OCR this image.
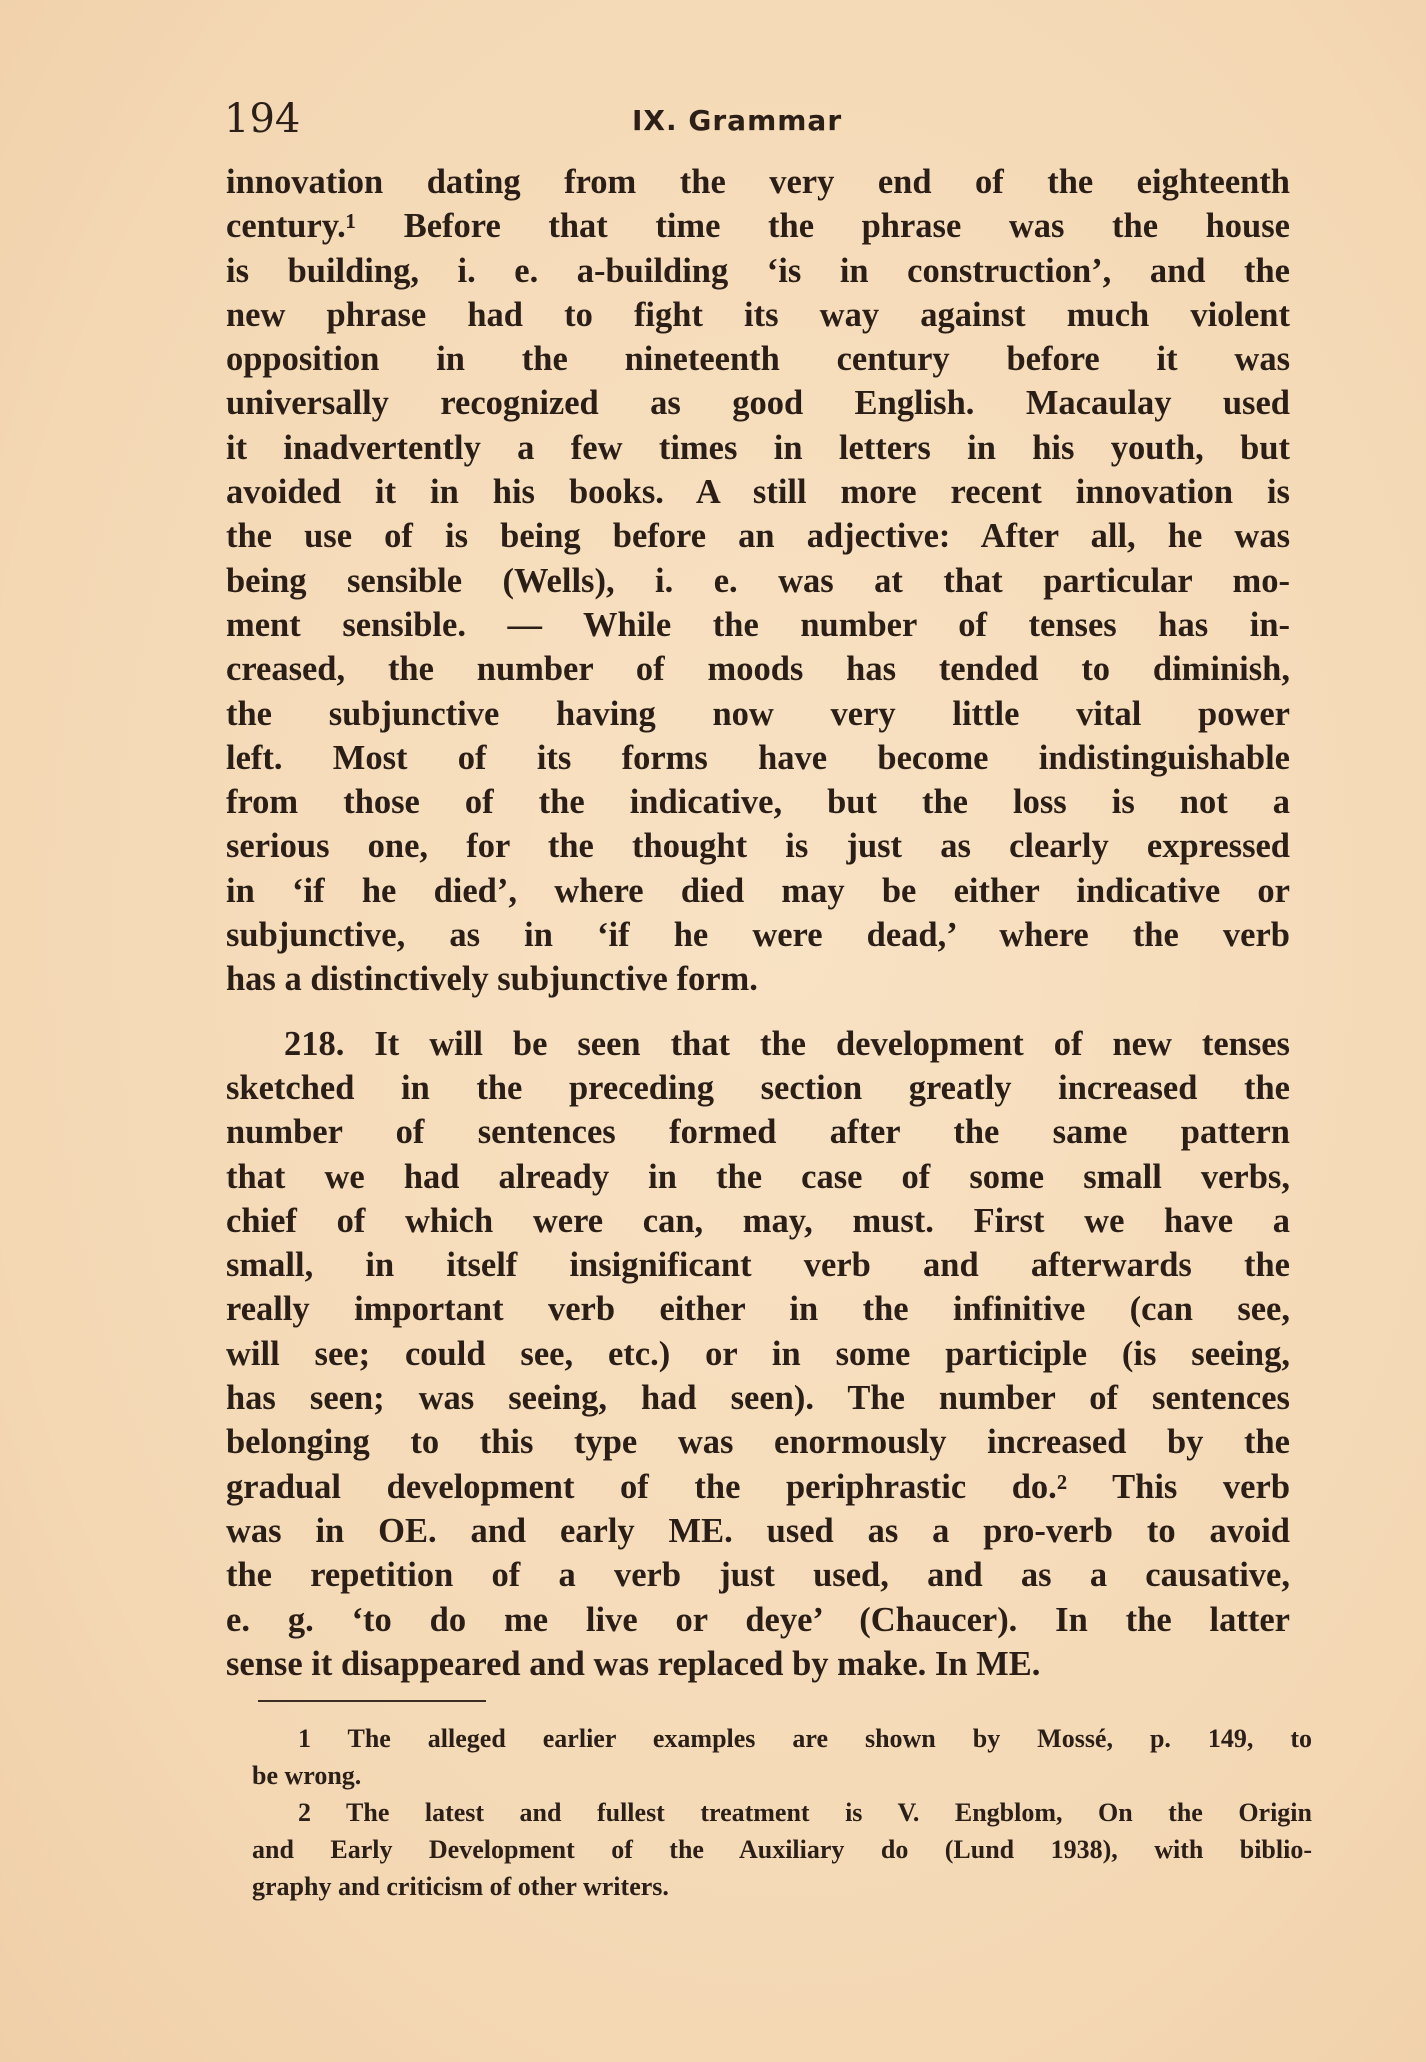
194	IX. Grammar
innovation dating from the very end of the eighteenth
century.¹ Before that time the phrase was the house
is building, i. e. a-building ‘is in construction’, and the
new phrase had to fight its way against much violent
opposition in the nineteenth century before it was
universally recognized as good English. Macaulay used
it inadvertently a few times in letters in his youth, but
avoided it in his books. A still more recent innovation is
the use of is being before an adjective: After all, he was
being sensible (Wells), i. e. was at that particular mo-
ment sensible. — While the number of tenses has in-
creased, the number of moods has tended to diminish,
the subjunctive having now very little vital power
left. Most of its forms have become indistinguishable
from those of the indicative, but the loss is not a
serious one, for the thought is just as clearly expressed
in ‘if he died’, where died may be either indicative or
subjunctive, as in ‘if he were dead,’ where the verb
has a distinctively subjunctive form.
218. It will be seen that the development of new tenses
sketched in the preceding section greatly increased the
number of sentences formed after the same pattern
that we had already in the case of some small verbs,
chief of which were can, may, must. First we have a
small, in itself insignificant verb and afterwards the
really important verb either in the infinitive (can see,
will see; could see, etc.) or in some participle (is seeing,
has seen; was seeing, had seen). The number of sentences
belonging to this type was enormously increased by the
gradual development of the periphrastic do.² This verb
was in OE. and early ME. used as a pro-verb to avoid
the repetition of a verb just used, and as a causative,
e. g. ‘to do me live or deye’ (Chaucer). In the latter
sense it disappeared and was replaced by make. In ME.
1 The alleged earlier examples are shown by Mossé, p. 149, to
be wrong.
2 The latest and fullest treatment is V. Engblom, On the Origin
and Early Development of the Auxiliary do (Lund 1938), with biblio-
graphy and criticism of other writers.
